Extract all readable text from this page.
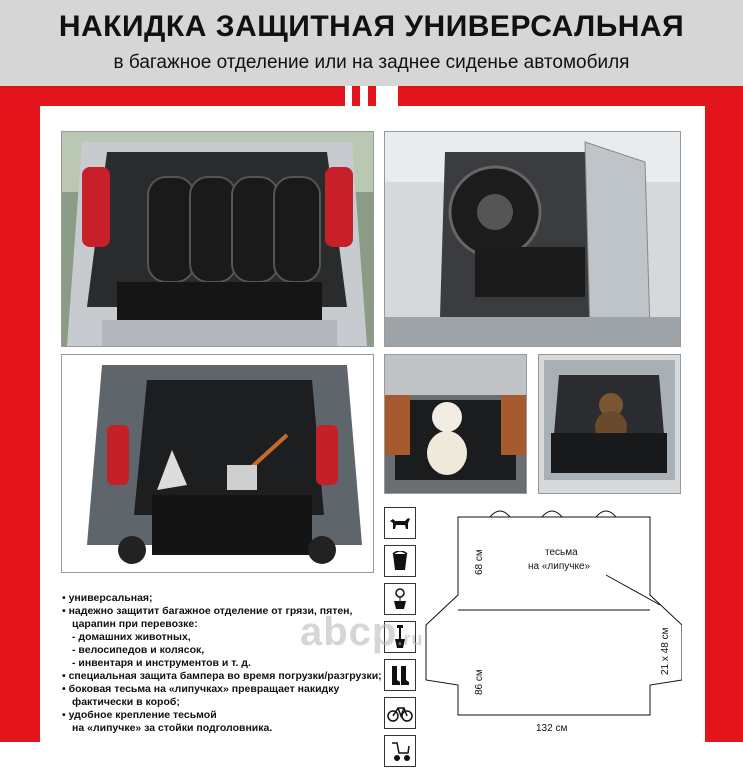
НАКИДКА ЗАЩИТНАЯ УНИВЕРСАЛЬНАЯ
в багажное отделение или на заднее сиденье автомобиля
• универсальная;
• надежно защитит багажное отделение от грязи, пятен,
царапин при перевозке:
- домашних животных,
- велосипедов и колясок,
- инвентаря и инструментов и т. д.
• специальная защита бампера во время погрузки/разгрузки;
• боковая тесьма на «липучках» превращает накидку
фактически в короб;
• удобное крепление тесьмой
на «липучке» за стойки подголовника.
тесьма
на «липучке»
68 см
86 см
21 x 48 см
132 см
abcp.ru
